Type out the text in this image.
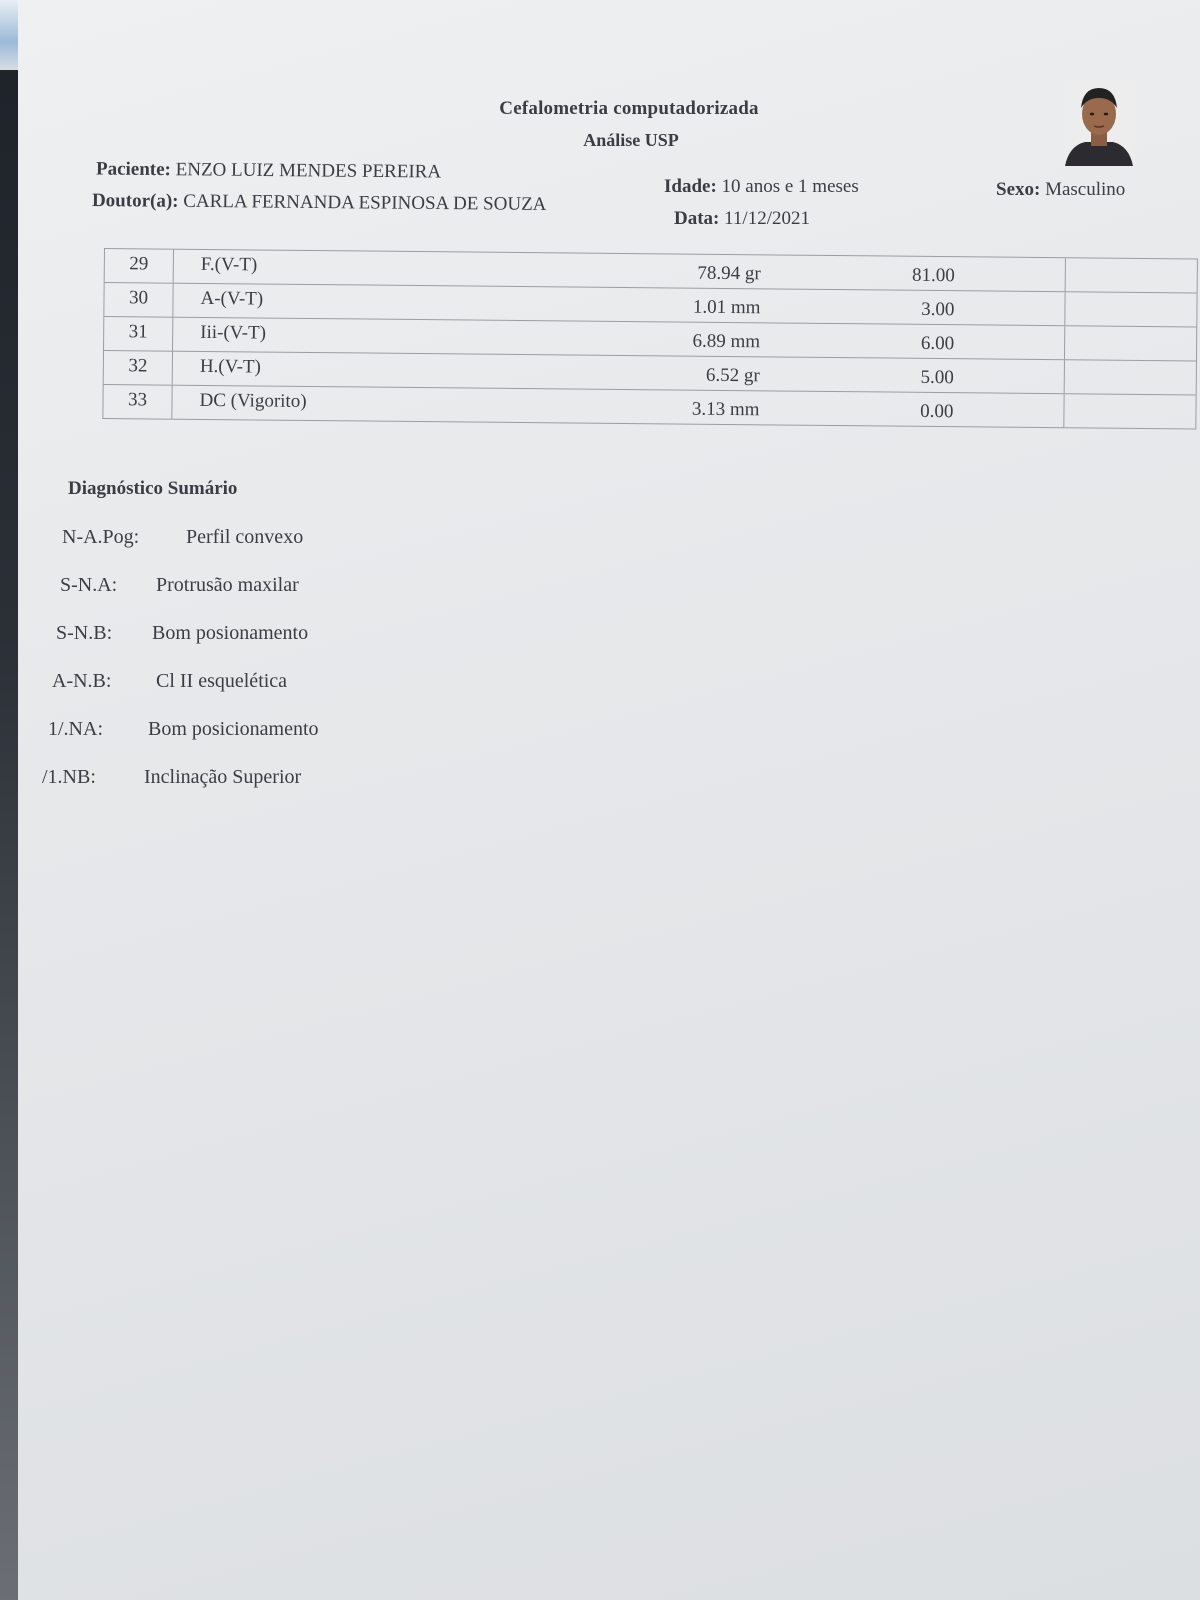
Cefalometria computadorizada
Análise USP
Paciente: ENZO LUIZ MENDES PEREIRA
Idade: 10 anos e 1 meses	Sexo: Masculino
Doutor(a): CARLA FERNANDA ESPINOSA DE SOUZA
Data: 11/12/2021
29	F.(V-T)	78.94 gr	81.00
30	A-(V-T)	1.01 mm	3.00
31	Iii-(V-T)	6.89 mm	6.00
32	H.(V-T)	6.52 gr	5.00
33	DC (Vigorito)	3.13 mm	0.00
Diagnóstico Sumário
N-A.Pog: Perfil convexo
S-N.A: Protrusão maxilar
S-N.B: Bom posionamento
A-N.B: Cl II esquelética
1/.NA: Bom posicionamento
/1.NB: Inclinação Superior
